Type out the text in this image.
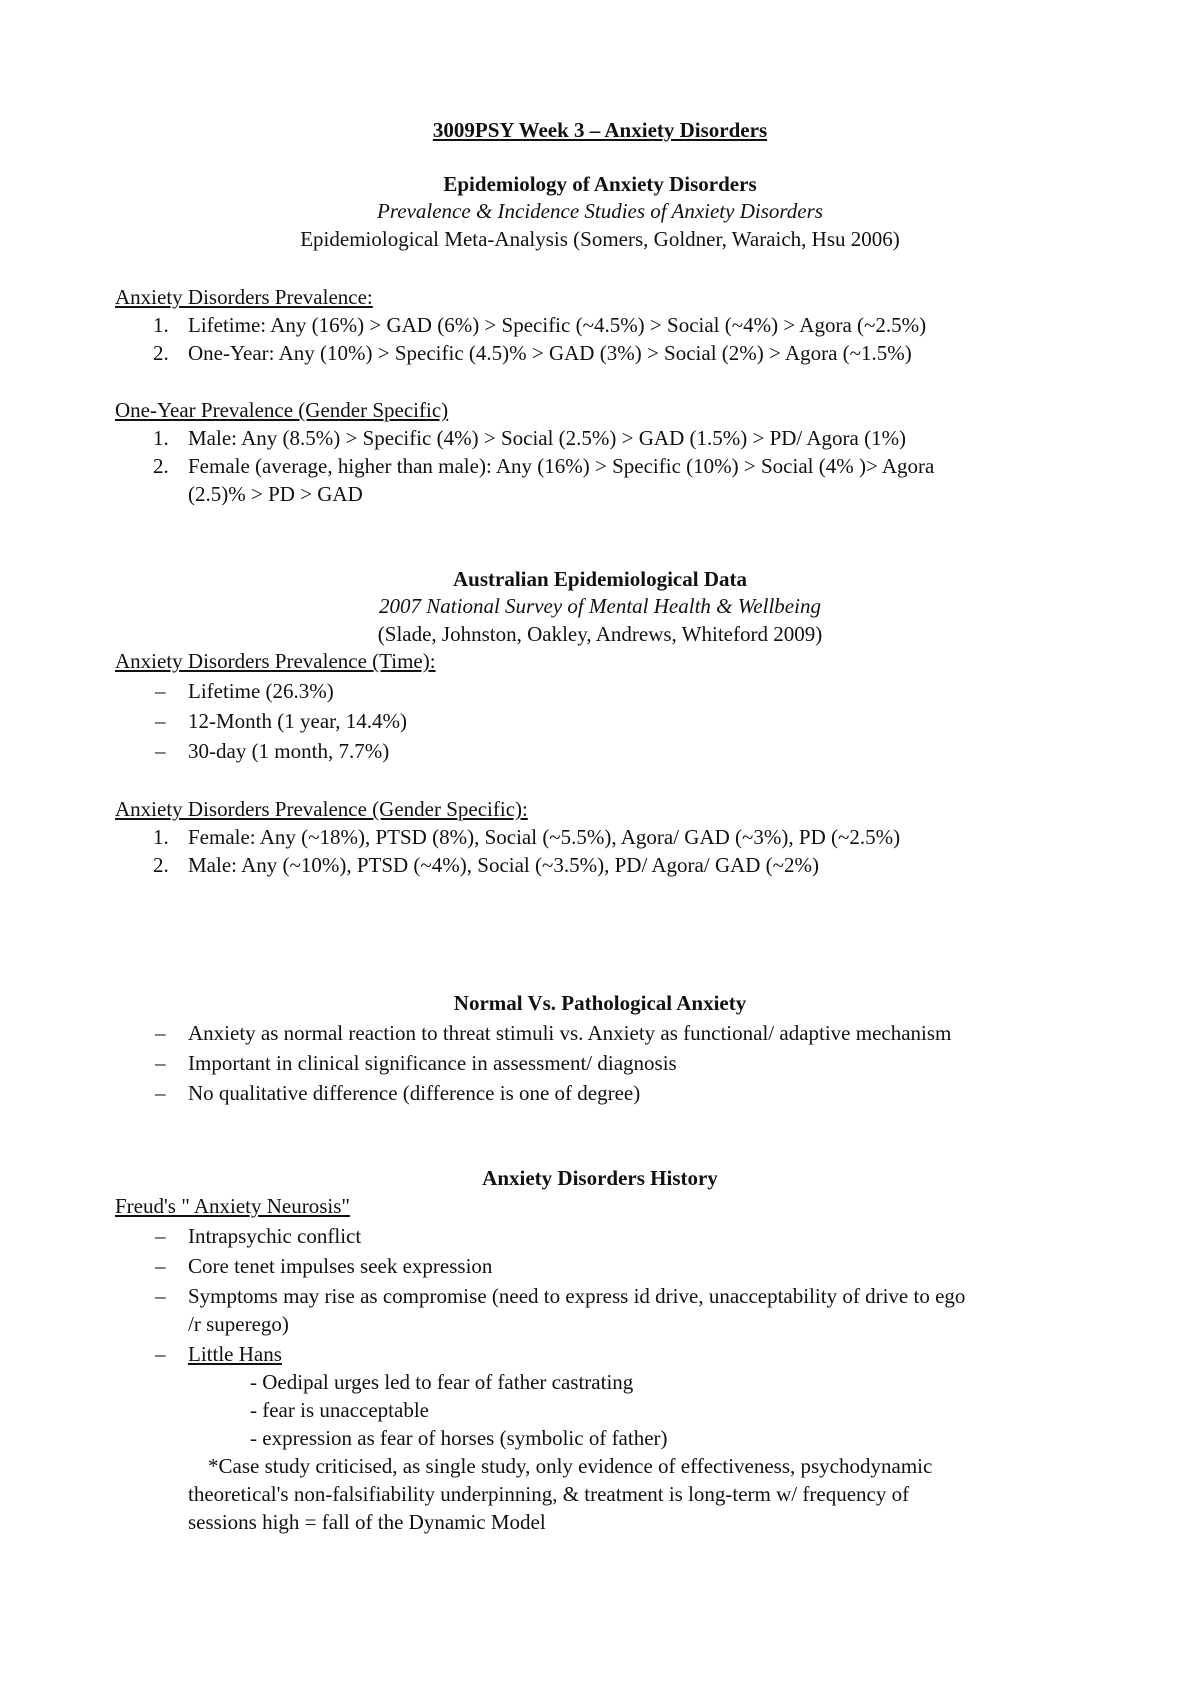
3009PSY Week 3 – Anxiety Disorders
Epidemiology of Anxiety Disorders
Prevalence & Incidence Studies of Anxiety Disorders
Epidemiological Meta-Analysis (Somers, Goldner, Waraich, Hsu 2006)
Anxiety Disorders Prevalence:
1. Lifetime: Any (16%) > GAD (6%) > Specific (~4.5%) > Social (~4%) > Agora (~2.5%)
2. One-Year: Any (10%) > Specific (4.5)% > GAD (3%) > Social (2%) > Agora (~1.5%)
One-Year Prevalence (Gender Specific)
1. Male: Any (8.5%) > Specific (4%) > Social (2.5%) > GAD (1.5%) > PD/ Agora (1%)
2. Female (average, higher than male): Any (16%) > Specific (10%) > Social (4% )> Agora
(2.5)% > PD > GAD
Australian Epidemiological Data
2007 National Survey of Mental Health & Wellbeing
(Slade, Johnston, Oakley, Andrews, Whiteford 2009)
Anxiety Disorders Prevalence (Time):
– Lifetime (26.3%)
– 12-Month (1 year, 14.4%)
– 30-day (1 month, 7.7%)
Anxiety Disorders Prevalence (Gender Specific):
1. Female: Any (~18%), PTSD (8%), Social (~5.5%), Agora/ GAD (~3%), PD (~2.5%)
2. Male: Any (~10%), PTSD (~4%), Social (~3.5%), PD/ Agora/ GAD (~2%)
Normal Vs. Pathological Anxiety
– Anxiety as normal reaction to threat stimuli vs. Anxiety as functional/ adaptive mechanism
– Important in clinical significance in assessment/ diagnosis
– No qualitative difference (difference is one of degree)
Anxiety Disorders History
Freud's " Anxiety Neurosis"
– Intrapsychic conflict
– Core tenet impulses seek expression
– Symptoms may rise as compromise (need to express id drive, unacceptability of drive to ego
/r superego)
– Little Hans
- Oedipal urges led to fear of father castrating
- fear is unacceptable
- expression as fear of horses (symbolic of father)
*Case study criticised, as single study, only evidence of effectiveness, psychodynamic
theoretical's non-falsifiability underpinning, & treatment is long-term w/ frequency of
sessions high = fall of the Dynamic Model
